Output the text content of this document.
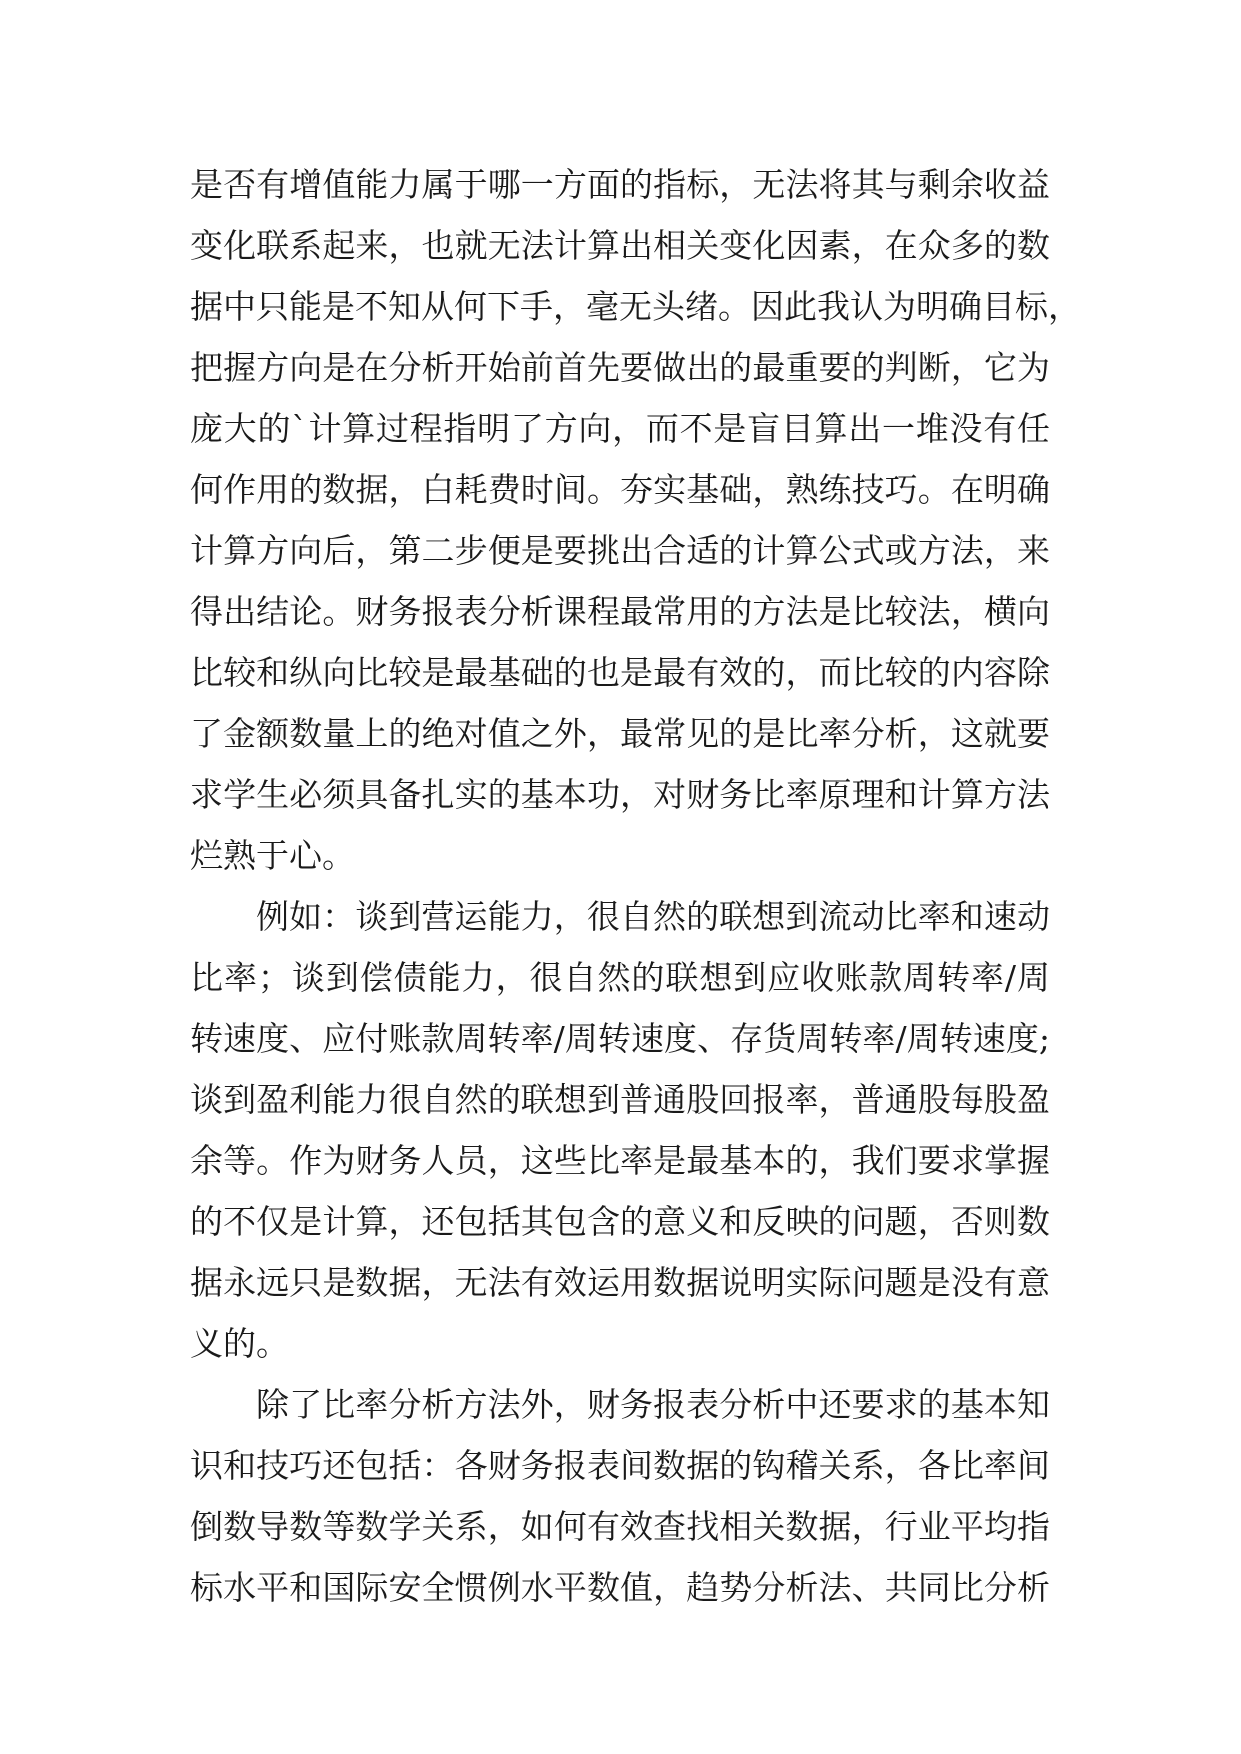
是否有增值能力属于哪一方面的指标，无法将其与剩余收益
变化联系起来，也就无法计算出相关变化因素，在众多的数
据中只能是不知从何下手，毫无头绪。因此我认为明确目标，
把握方向是在分析开始前首先要做出的最重要的判断，它为
庞大的`计算过程指明了方向，而不是盲目算出一堆没有任
何作用的数据，白耗费时间。夯实基础，熟练技巧。在明确
计算方向后，第二步便是要挑出合适的计算公式或方法，来
得出结论。财务报表分析课程最常用的方法是比较法，横向
比较和纵向比较是最基础的也是最有效的，而比较的内容除
了金额数量上的绝对值之外，最常见的是比率分析，这就要
求学生必须具备扎实的基本功，对财务比率原理和计算方法
烂熟于心。
例如：谈到营运能力，很自然的联想到流动比率和速动
比率；谈到偿债能力，很自然的联想到应收账款周转率/周
转速度、应付账款周转率/周转速度、存货周转率/周转速度;
谈到盈利能力很自然的联想到普通股回报率，普通股每股盈
余等。作为财务人员，这些比率是最基本的，我们要求掌握
的不仅是计算，还包括其包含的意义和反映的问题，否则数
据永远只是数据，无法有效运用数据说明实际问题是没有意
义的。
除了比率分析方法外，财务报表分析中还要求的基本知
识和技巧还包括：各财务报表间数据的钩稽关系，各比率间
倒数导数等数学关系，如何有效查找相关数据，行业平均指
标水平和国际安全惯例水平数值，趋势分析法、共同比分析
